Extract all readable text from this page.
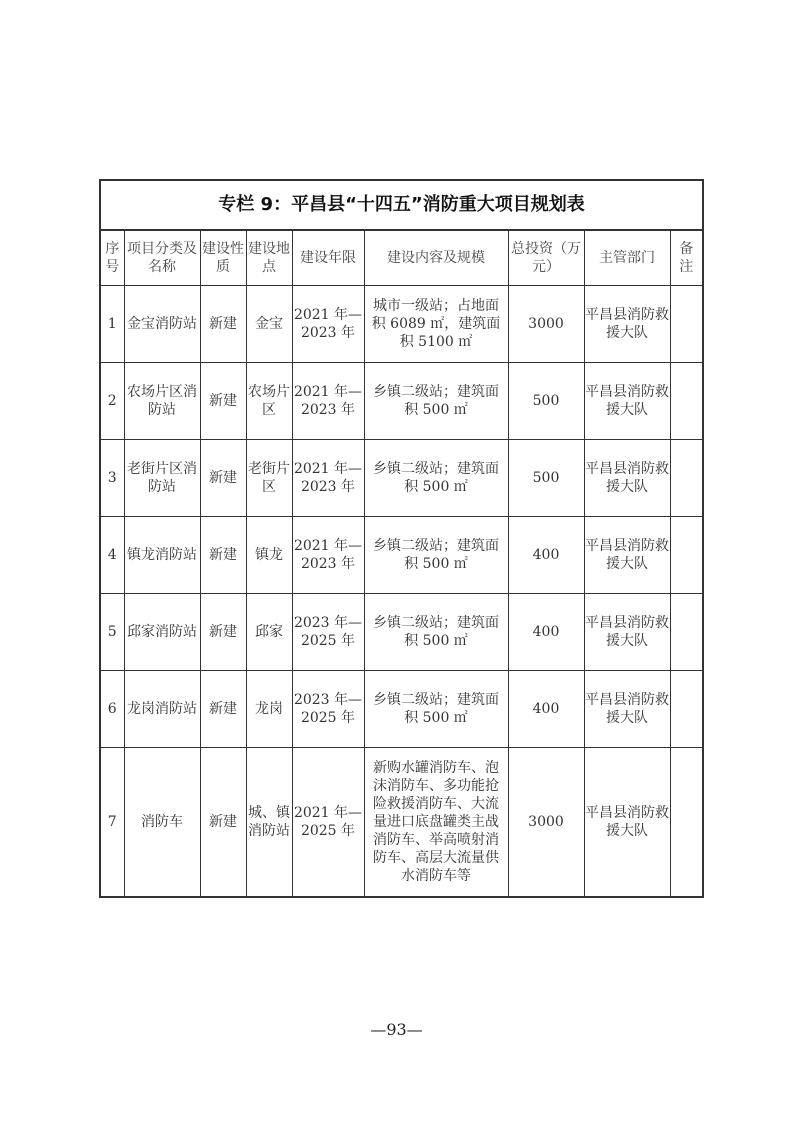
专栏 9：平昌县“十四五”消防重大项目规划表								
序号	项目分类及名称	建设性质	建设地点	建设年限	建设内容及规模	总投资（万元）	主管部门	备 注
1	金宝消防站	新建	金宝	2021 年—2023 年	城市一级站；占地面积 6089 ㎡，建筑面积 5100 ㎡	3000	平昌县消防救援大队	
2	农场片区消防站	新建	农场片区	2021 年—2023 年	乡镇二级站；建筑面积 500 ㎡	500	平昌县消防救援大队	
3	老街片区消防站	新建	老街片区	2021 年—2023 年	乡镇二级站；建筑面积 500 ㎡	500	平昌县消防救援大队	
4	镇龙消防站	新建	镇龙	2021 年—2023 年	乡镇二级站；建筑面积 500 ㎡	400	平昌县消防救援大队	
5	邱家消防站	新建	邱家	2023 年—2025 年	乡镇二级站；建筑面积 500 ㎡	400	平昌县消防救援大队	
6	龙岗消防站	新建	龙岗	2023 年—2025 年	乡镇二级站；建筑面积 500 ㎡	400	平昌县消防救援大队	
7	消防车	新建	城、镇消防站	2021 年—2025 年	新购水罐消防车、泡沫消防车、多功能抢险救援消防车、大流量进口底盘罐类主战消防车、举高喷射消防车、高层大流量供水消防车等	3000	平昌县消防救援大队	
—93—
